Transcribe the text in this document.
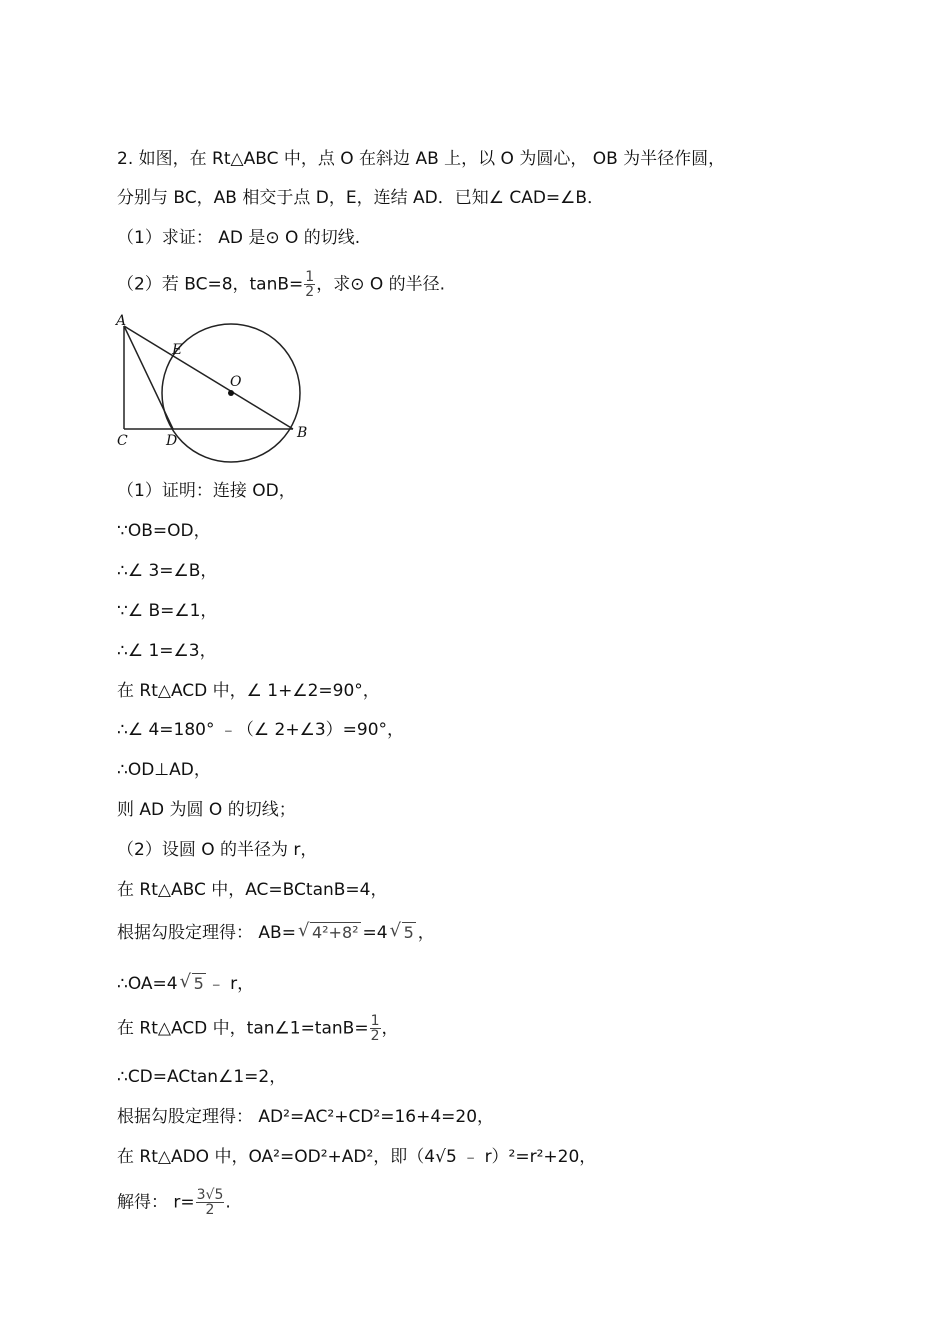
2. 如图，在 Rt△ABC 中，点 O 在斜边 AB 上，以 O 为圆心， OB 为半径作圆，
分别与 BC，AB 相交于点 D，E，连结 AD．已知∠ CAD=∠B．
（1）求证： AD 是⊙ O 的切线.
（2）若 BC=8，$\tan B= \frac{1}{2}$ ，求⊙ O 的半径.
A
E
O
C	D	B
（1）证明：连接 OD，
∵OB=OD，
∴∠ 3=∠B，
∵∠ B=∠1，
∴∠ 1=∠3，
在 Rt△ACD 中，∠ 1+∠2=90°，
∴∠ 4=180° ﹣（∠ 2+∠3）=90°，
∴OD⊥AD，
则 AD 为圆 O 的切线；
（2）设圆 O 的半径为 r，
在 Rt△ABC 中，AC=BCtanB=4，
根据勾股定理得： AB= √ 4²+8² =4 √ 5 ，
∴OA=4 √ 5 ﹣ r，
在 Rt△ACD 中，tan∠1=tanB= $\frac{1}{2}$ ，
∴CD=ACtan∠1=2，
根据勾股定理得： AD²=AC²+CD²=16+4=20，
在 Rt△ADO 中，OA²=OD²+AD²，即（4√5 ﹣ r）²=r²+20，
解得： $r= \frac{3√5}{2}$ .
